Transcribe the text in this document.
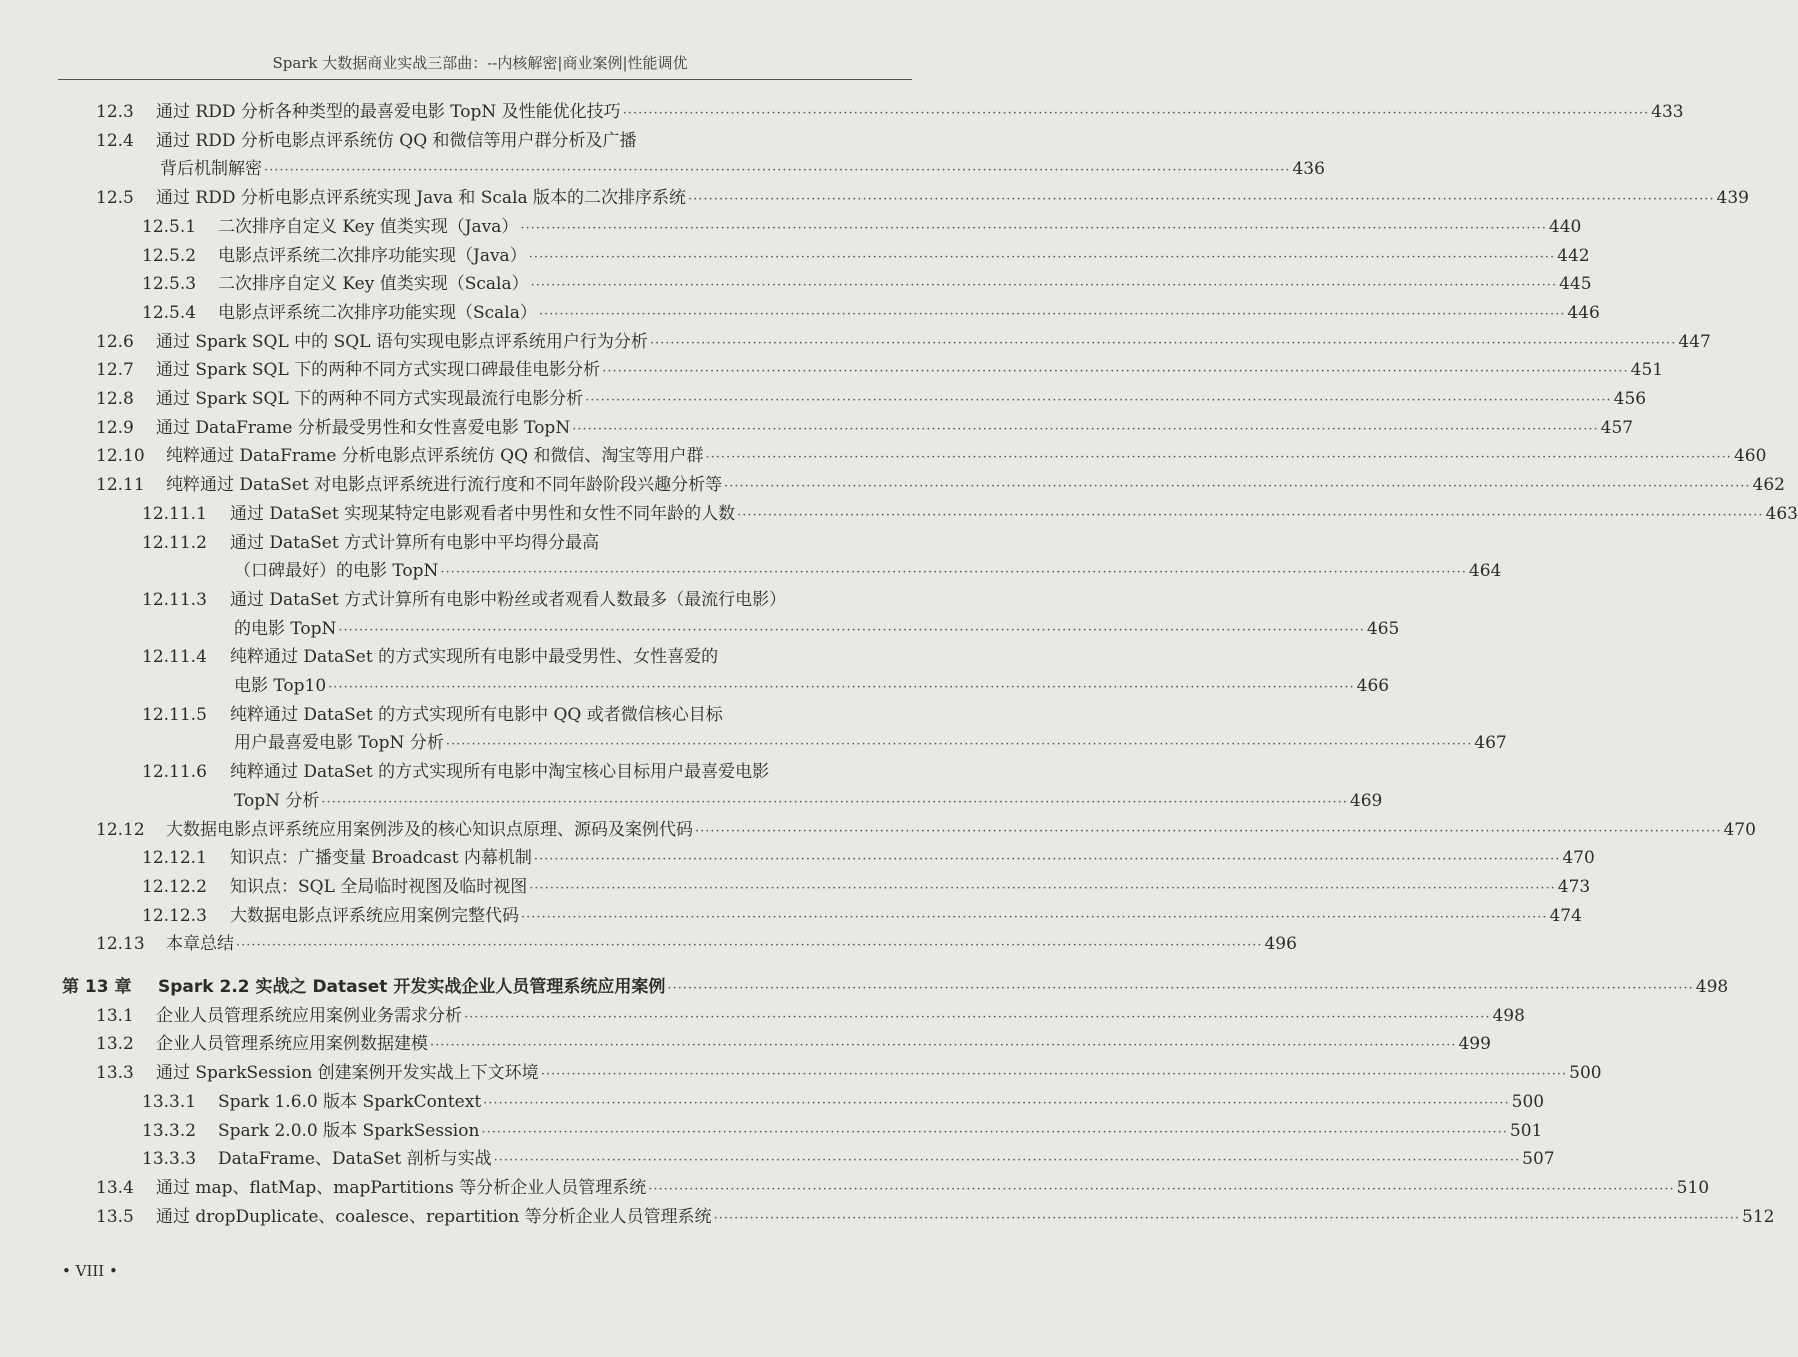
Spark 大数据商业实战三部曲：--内核解密|商业案例|性能调优
12.3 通过 RDD 分析各种类型的最喜爱电影 TopN 及性能优化技巧 ········································································································································································································ 433
12.4 通过 RDD 分析电影点评系统仿 QQ 和微信等用户群分析及广播
背后机制解密 ········································································································································································································ 436
12.5 通过 RDD 分析电影点评系统实现 Java 和 Scala 版本的二次排序系统 ········································································································································································································ 439
12.5.1 二次排序自定义 Key 值类实现（Java） ········································································································································································································ 440
12.5.2 电影点评系统二次排序功能实现（Java） ········································································································································································································ 442
12.5.3 二次排序自定义 Key 值类实现（Scala） ········································································································································································································ 445
12.5.4 电影点评系统二次排序功能实现（Scala） ········································································································································································································ 446
12.6 通过 Spark SQL 中的 SQL 语句实现电影点评系统用户行为分析 ········································································································································································································ 447
12.7 通过 Spark SQL 下的两种不同方式实现口碑最佳电影分析 ········································································································································································································ 451
12.8 通过 Spark SQL 下的两种不同方式实现最流行电影分析 ········································································································································································································ 456
12.9 通过 DataFrame 分析最受男性和女性喜爱电影 TopN ········································································································································································································ 457
12.10 纯粹通过 DataFrame 分析电影点评系统仿 QQ 和微信、淘宝等用户群 ········································································································································································································ 460
12.11 纯粹通过 DataSet 对电影点评系统进行流行度和不同年龄阶段兴趣分析等 ········································································································································································································ 462
12.11.1 通过 DataSet 实现某特定电影观看者中男性和女性不同年龄的人数 ········································································································································································································ 463
12.11.2 通过 DataSet 方式计算所有电影中平均得分最高
（口碑最好）的电影 TopN ········································································································································································································ 464
12.11.3 通过 DataSet 方式计算所有电影中粉丝或者观看人数最多（最流行电影）
的电影 TopN ········································································································································································································ 465
12.11.4 纯粹通过 DataSet 的方式实现所有电影中最受男性、女性喜爱的
电影 Top10 ········································································································································································································ 466
12.11.5 纯粹通过 DataSet 的方式实现所有电影中 QQ 或者微信核心目标
用户最喜爱电影 TopN 分析 ········································································································································································································ 467
12.11.6 纯粹通过 DataSet 的方式实现所有电影中淘宝核心目标用户最喜爱电影
TopN 分析 ········································································································································································································ 469
12.12 大数据电影点评系统应用案例涉及的核心知识点原理、源码及案例代码 ········································································································································································································ 470
12.12.1 知识点：广播变量 Broadcast 内幕机制 ········································································································································································································ 470
12.12.2 知识点：SQL 全局临时视图及临时视图 ········································································································································································································ 473
12.12.3 大数据电影点评系统应用案例完整代码 ········································································································································································································ 474
12.13 本章总结 ········································································································································································································ 496
第 13 章 Spark 2.2 实战之 Dataset 开发实战企业人员管理系统应用案例 ········································································································································································································ 498
13.1 企业人员管理系统应用案例业务需求分析 ········································································································································································································ 498
13.2 企业人员管理系统应用案例数据建模 ········································································································································································································ 499
13.3 通过 SparkSession 创建案例开发实战上下文环境 ········································································································································································································ 500
13.3.1 Spark 1.6.0 版本 SparkContext ········································································································································································································ 500
13.3.2 Spark 2.0.0 版本 SparkSession ········································································································································································································ 501
13.3.3 DataFrame、DataSet 剖析与实战 ········································································································································································································ 507
13.4 通过 map、flatMap、mapPartitions 等分析企业人员管理系统 ········································································································································································································ 510
13.5 通过 dropDuplicate、coalesce、repartition 等分析企业人员管理系统 ········································································································································································································ 512
• VIII •
